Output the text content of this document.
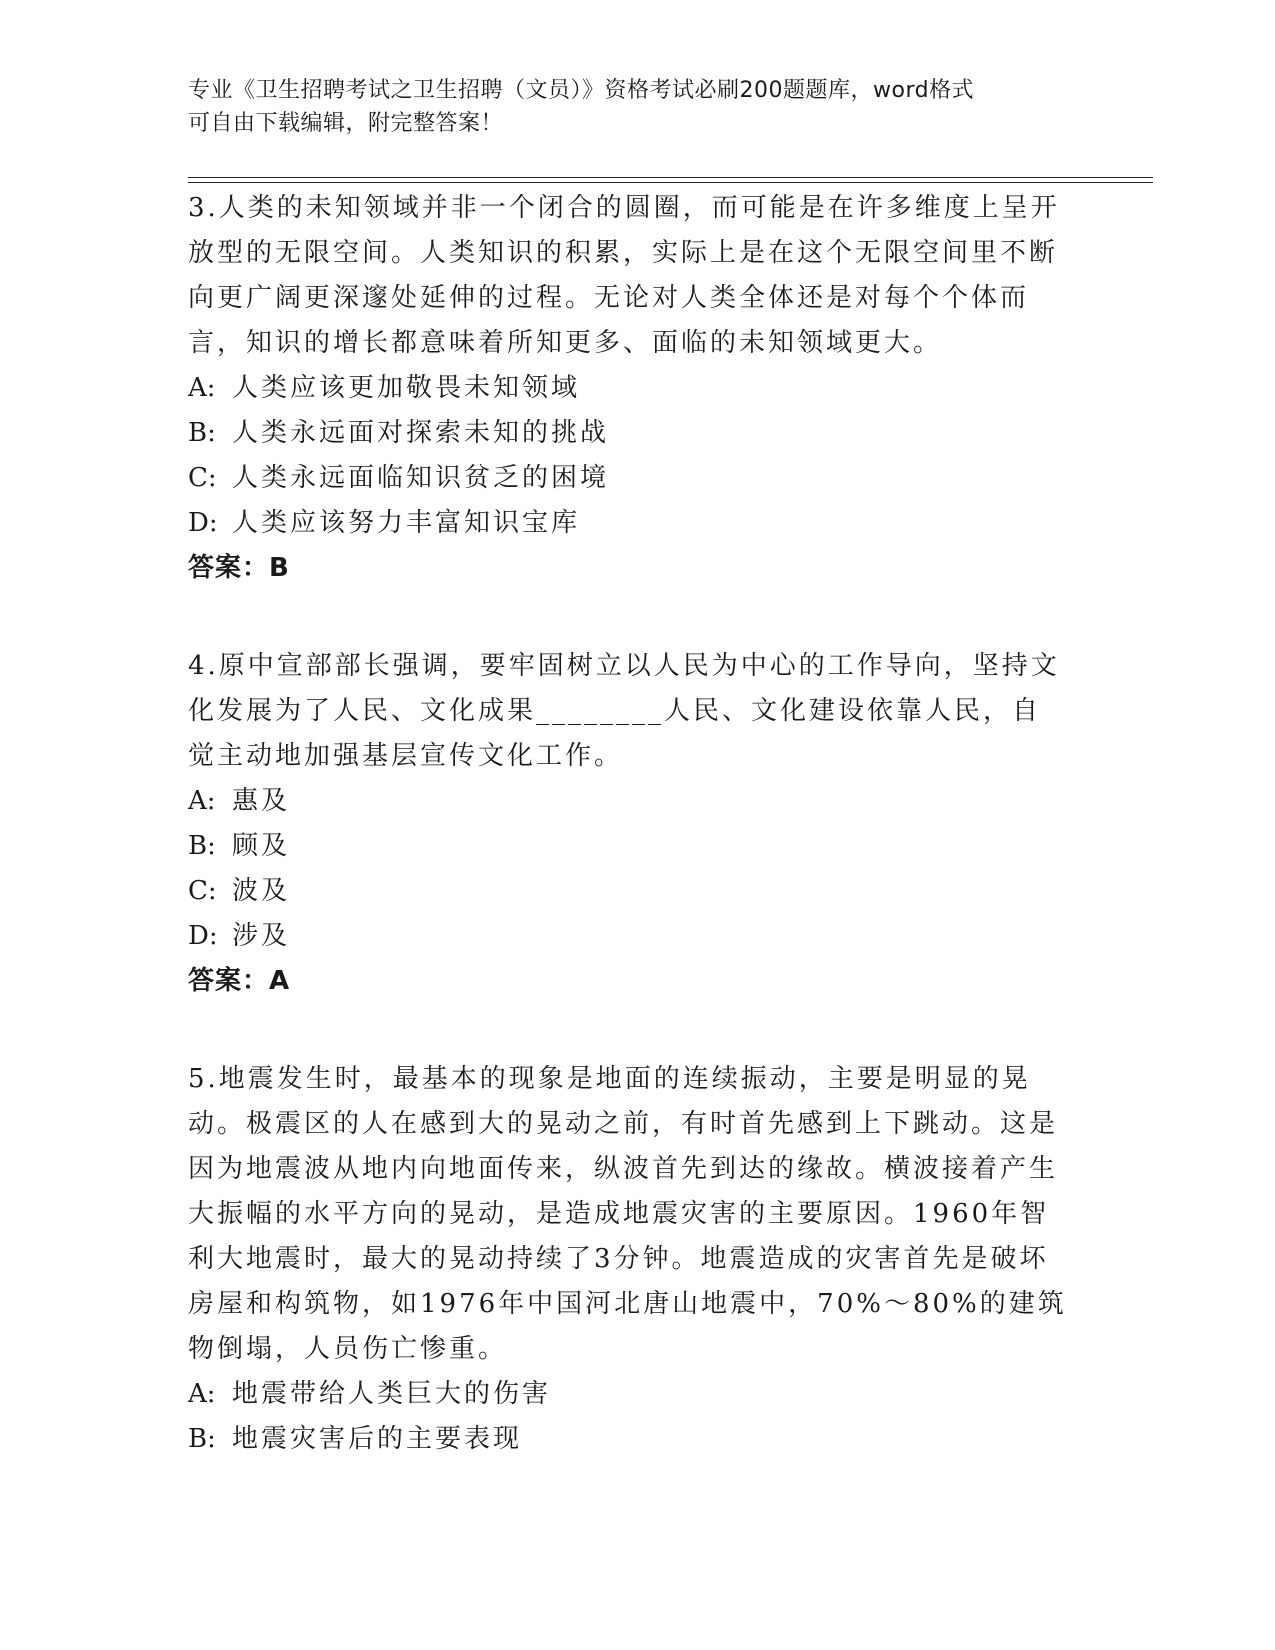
专业《卫生招聘考试之卫生招聘（文员）》资格考试必刷200题题库，word格式
可自由下载编辑，附完整答案！

3.人类的未知领域并非一个闭合的圆圈，而可能是在许多维度上呈开放型的无限空间。人类知识的积累，实际上是在这个无限空间里不断向更广阔更深邃处延伸的过程。无论对人类全体还是对每个个体而言，知识的增长都意味着所知更多、面临的未知领域更大。

A: 人类应该更加敬畏未知领域
B: 人类永远面对探索未知的挑战
C: 人类永远面临知识贫乏的困境
D: 人类应该努力丰富知识宝库
答案：B

4.原中宣部部长强调，要牢固树立以人民为中心的工作导向，坚持文化发展为了人民、文化成果________人民、文化建设依靠人民，自觉主动地加强基层宣传文化工作。

A: 惠及
B: 顾及
C: 波及
D: 涉及
答案：A

5.地震发生时，最基本的现象是地面的连续振动，主要是明显的晃动。极震区的人在感到大的晃动之前，有时首先感到上下跳动。这是因为地震波从地内向地面传来，纵波首先到达的缘故。横波接着产生大振幅的水平方向的晃动，是造成地震灾害的主要原因。1960年智利大地震时，最大的晃动持续了3分钟。地震造成的灾害首先是破坏房屋和构筑物，如1976年中国河北唐山地震中，70%～80%的建筑物倒塌，人员伤亡惨重。

A: 地震带给人类巨大的伤害
B: 地震灾害后的主要表现
